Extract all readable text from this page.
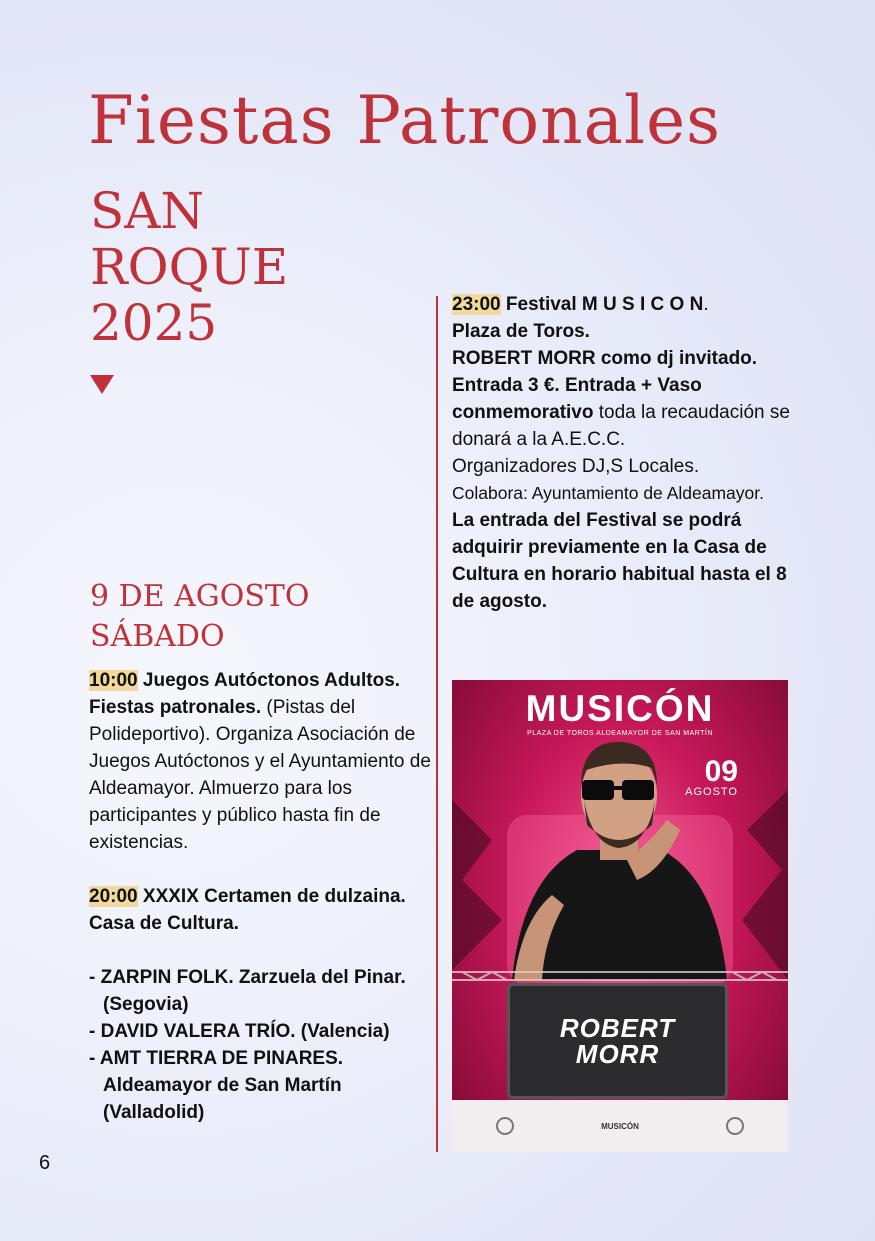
Fiestas Patronales
SAN
ROQUE
2025
9 DE AGOSTO
SÁBADO

10:00 Juegos Autóctonos Adultos. Fiestas patronales. (Pistas del Polideportivo). Organiza Asociación de Juegos Autóctonos y el Ayuntamiento de Aldeamayor. Almuerzo para los participantes y público hasta fin de existencias.

20:00 XXXIX Certamen de dulzaina. Casa de Cultura.

- ZARPIN FOLK. Zarzuela del Pinar. (Segovia)
- DAVID VALERA TRÍO. (Valencia)
- AMT TIERRA DE PINARES. Aldeamayor de San Martín (Valladolid)

23:00 Festival M U S I C O N.

Plaza de Toros.

ROBERT MORR como dj invitado.

Entrada 3 €. Entrada + Vaso conmemorativo toda la recaudación se donará a la A.E.C.C.

Organizadores DJ,S Locales.

Colabora: Ayuntamiento de Aldeamayor.

La entrada del Festival se podrá adquirir previamente en la Casa de Cultura en horario habitual hasta el 8 de agosto.

MUSICÓN
PLAZA DE TOROS ALDEAMAYOR DE SAN MARTÍN
09
AGOSTO
ROBERT
MORR
MUSICÓN
6
